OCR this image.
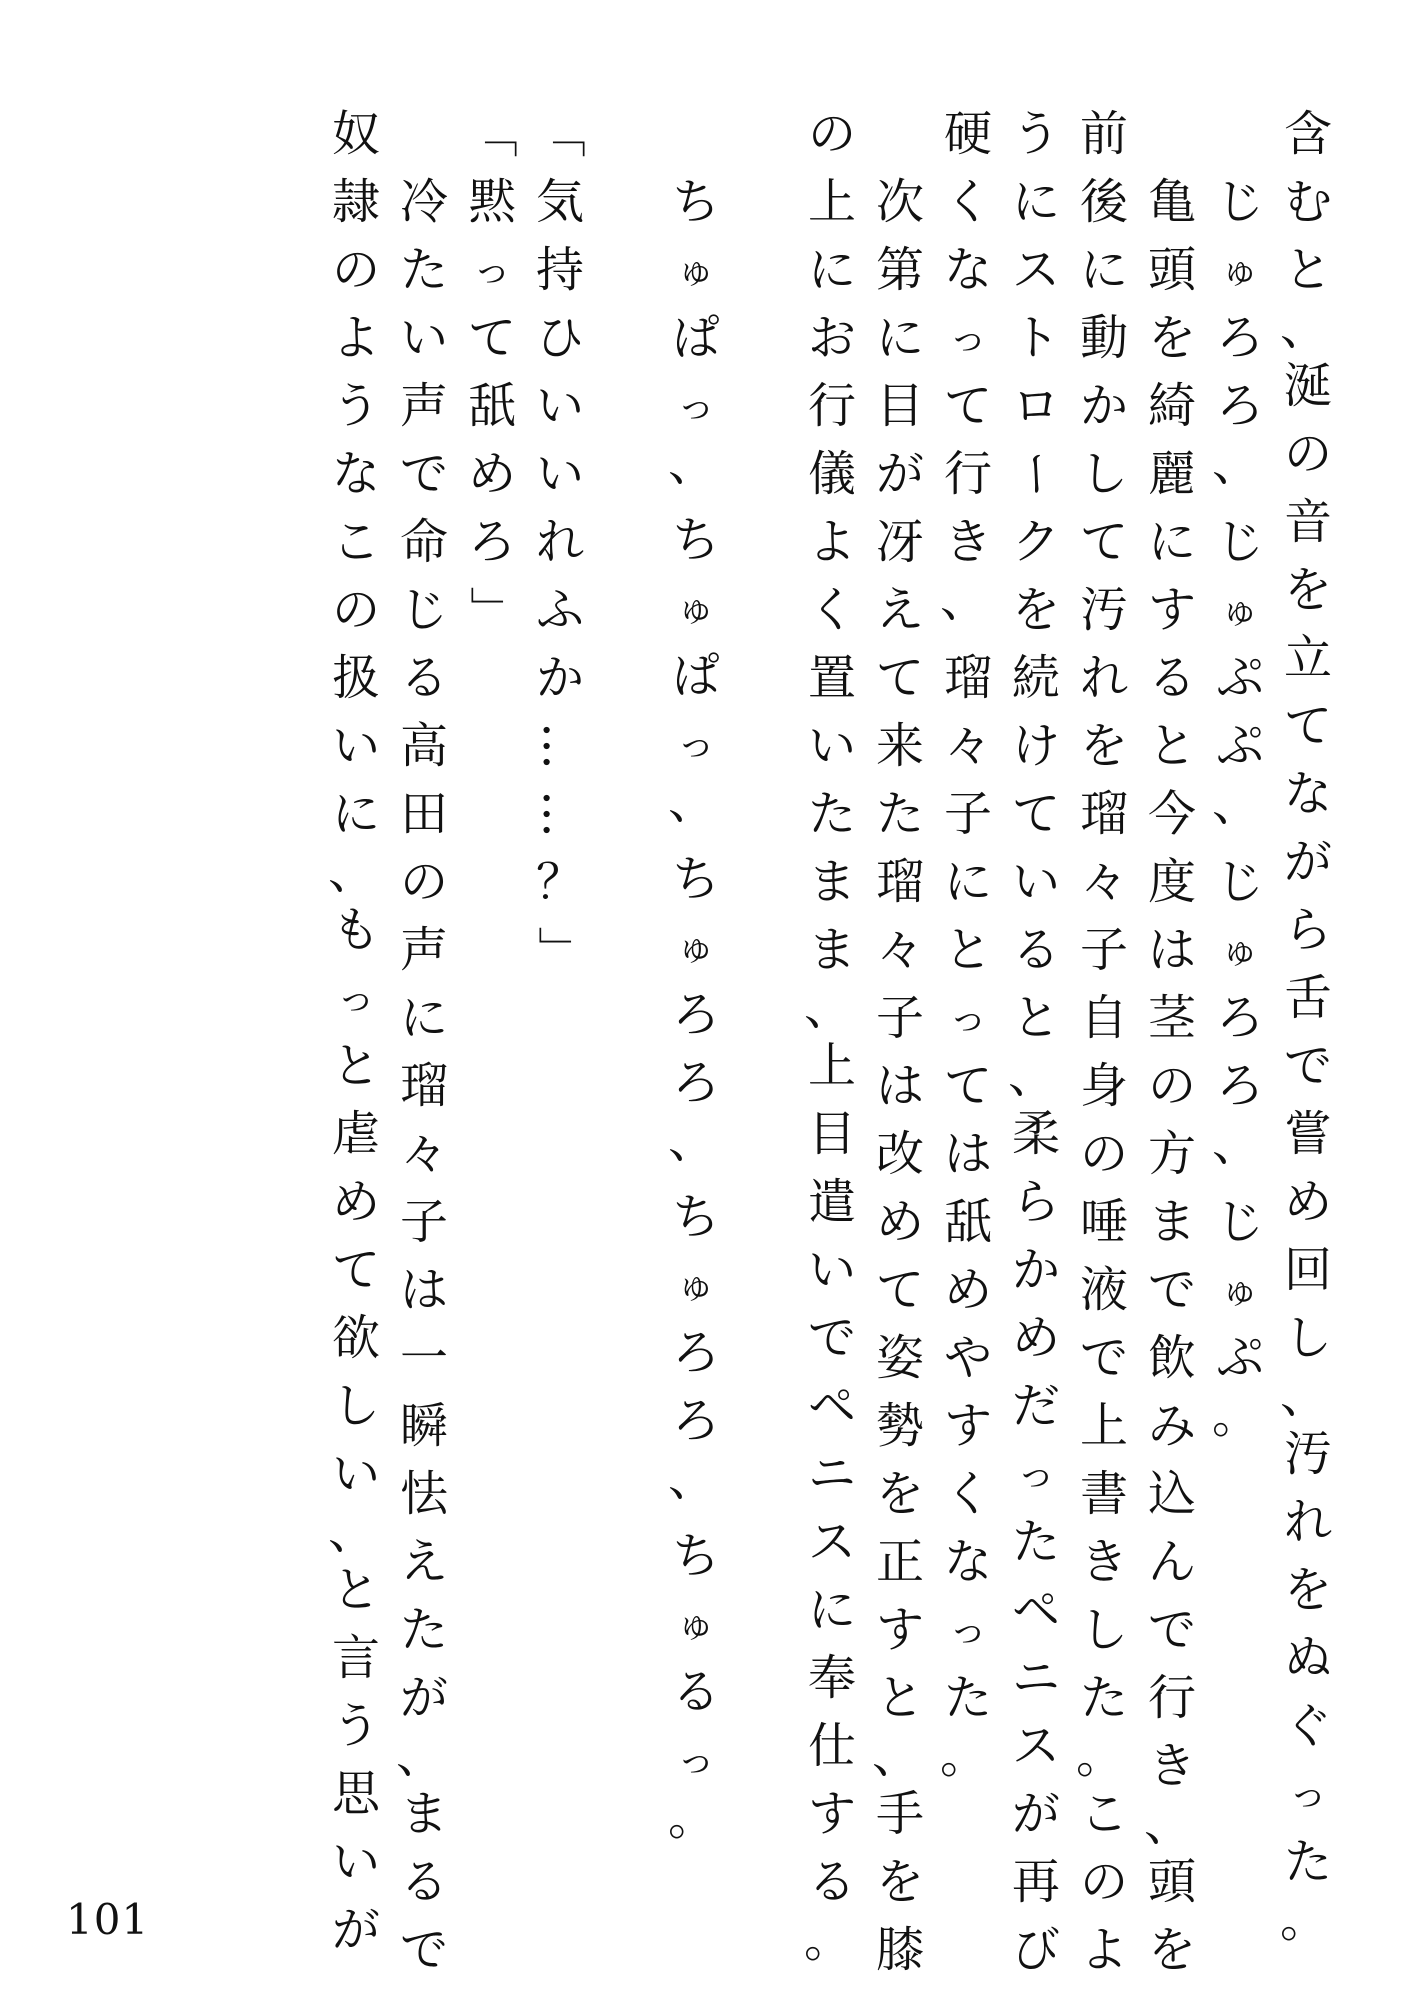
含
む
と
、
涎
の
音
を
立
て
な
が
ら
舌
で
嘗
め
回
し
、
汚
れ
を
ぬ
ぐ
っ
た
。

じ
ゅ
ろ
ろ
、
じ
ゅ
ぷ
ぷ
、
じ
ゅ
ろ
ろ
、
じ
ゅ
ぷ
。

亀
頭
を
綺
麗
に
す
る
と
今
度
は
茎
の
方
ま
で
飲
み
込
ん
で
行
き
、
頭
を
前
後
に
動
か
し
て
汚
れ
を
瑠
々
子
自
身
の
唾
液
で
上
書
き
し
た
。
こ
の
よ
う
に
ス
ト
ロ
ー
ク
を
続
け
て
い
る
と
、
柔
ら
か
め
だ
っ
た
ペ
ニ
ス
が
再
び
硬
く
な
っ
て
行
き
、
瑠
々
子
に
と
っ
て
は
舐
め
や
す
く
な
っ
た
。

次
第
に
目
が
冴
え
て
来
た
瑠
々
子
は
改
め
て
姿
勢
を
正
す
と
、
手
を
膝
の
上
に
お
行
儀
よ
く
置
い
た
ま
ま
、
上
目
遣
い
で
ペ
ニ
ス
に
奉
仕
す
る
。

ち
ゅ
ぱ
っ
、
ち
ゅ
ぱ
っ
、
ち
ゅ
ろ
ろ
、
ち
ゅ
ろ
ろ
、
ち
ゅ
る
っ
。
「
気
持
ひ
い
い
れ
ふ
か
…
…
？
」
「
黙
っ
て
舐
め
ろ
」

冷
た
い
声
で
命
じ
る
高
田
の
声
に
瑠
々
子
は
一
瞬
怯
え
た
が
、
ま
る
で
奴
隷
の
よ
う
な
こ
の
扱
い
に
、
も
っ
と
虐
め
て
欲
し
い
、
と
言
う
思
い
が
101
